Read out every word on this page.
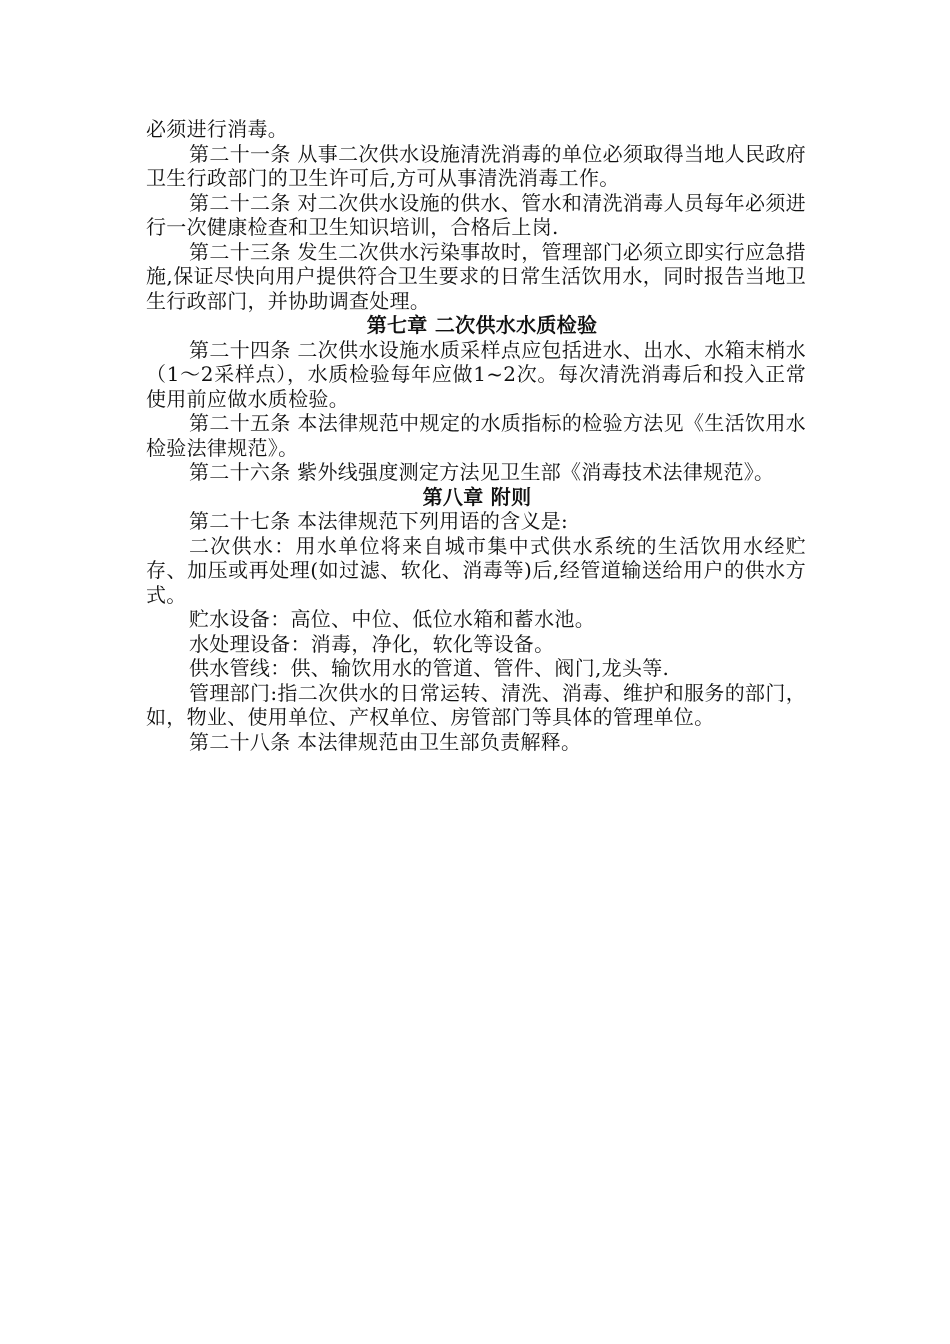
必须进行消毒。

第二十一条 从事二次供水设施清洗消毒的单位必须取得当地人民政府卫生行政部门的卫生许可后,方可从事清洗消毒工作。

第二十二条 对二次供水设施的供水、管水和清洗消毒人员每年必须进行一次健康检查和卫生知识培训，合格后上岗.

第二十三条 发生二次供水污染事故时，管理部门必须立即实行应急措施,保证尽快向用户提供符合卫生要求的日常生活饮用水，同时报告当地卫生行政部门，并协助调查处理。

第七章 二次供水水质检验

第二十四条 二次供水设施水质采样点应包括进水、出水、水箱末梢水（1～2采样点），水质检验每年应做1~2次。每次清洗消毒后和投入正常使用前应做水质检验。

第二十五条 本法律规范中规定的水质指标的检验方法见《生活饮用水检验法律规范》。

第二十六条 紫外线强度测定方法见卫生部《消毒技术法律规范》。

第八章 附则

第二十七条 本法律规范下列用语的含义是:

二次供水：用水单位将来自城市集中式供水系统的生活饮用水经贮存、加压或再处理(如过滤、软化、消毒等)后,经管道输送给用户的供水方式。

贮水设备：高位、中位、低位水箱和蓄水池。

水处理设备：消毒，净化，软化等设备。

供水管线：供、输饮用水的管道、管件、阀门,龙头等.

管理部门:指二次供水的日常运转、清洗、消毒、维护和服务的部门，如，物业、使用单位、产权单位、房管部门等具体的管理单位。

第二十八条 本法律规范由卫生部负责解释。
